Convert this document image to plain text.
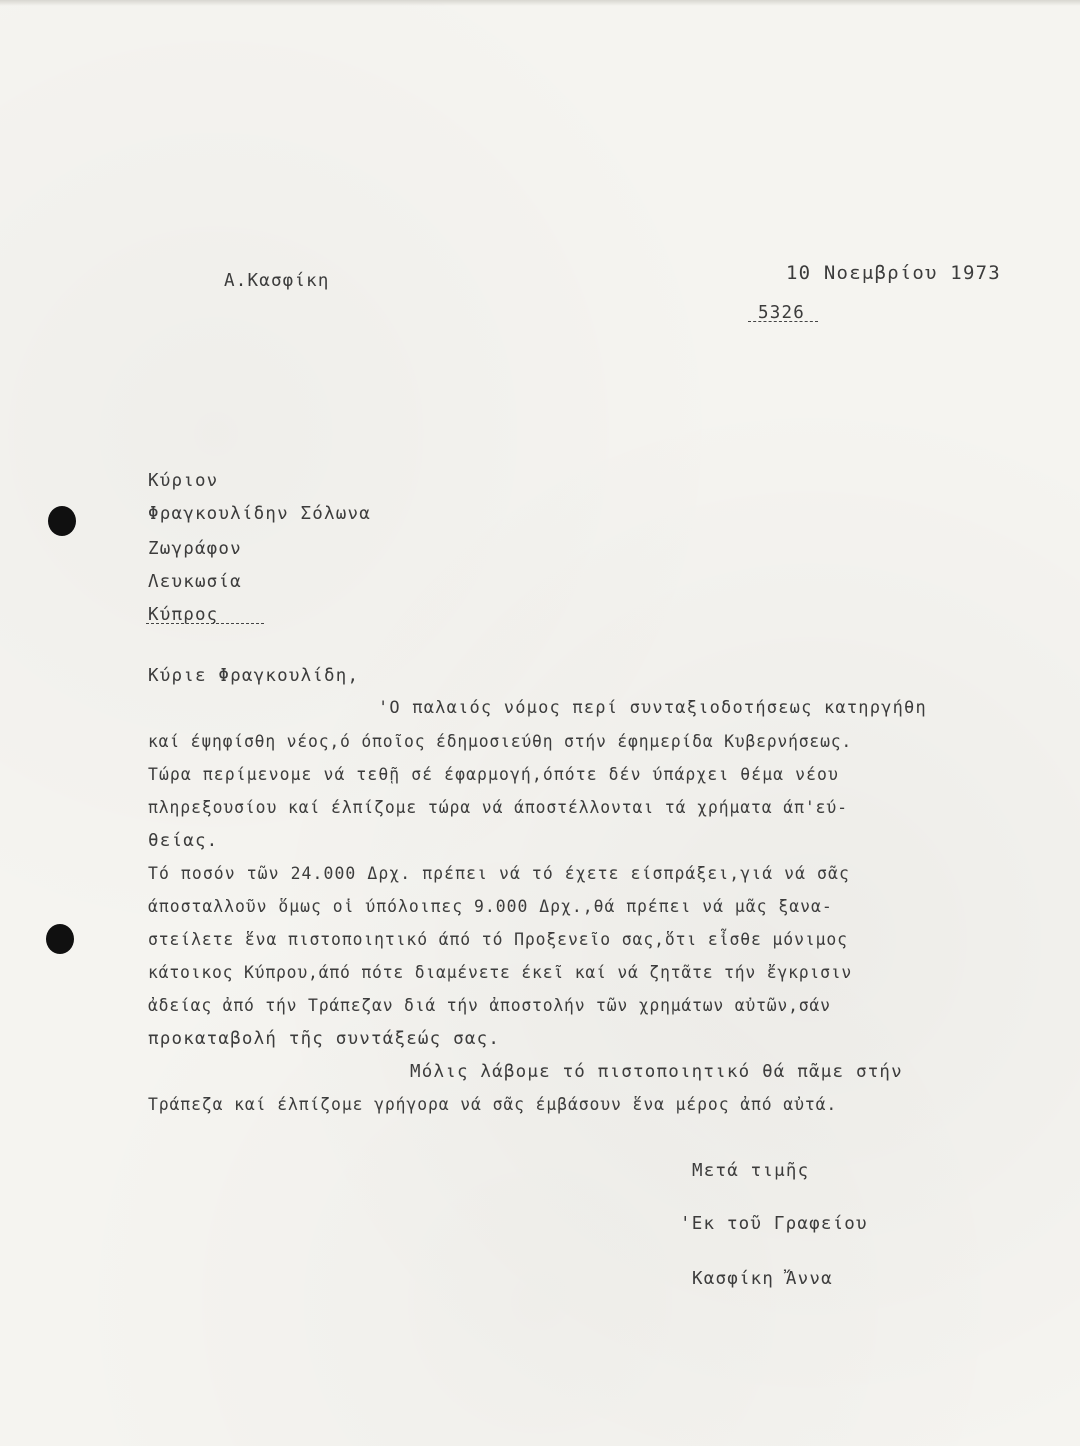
Α.Κασφίκη	10 Νοεμβρίου 1973
5326
Κύριον
Φραγκουλίδην Σόλωνα
Ζωγράφον
Λευκωσία
Κύπρος
Κύριε Φραγκουλίδη,
'Ο παλαιός νόμος περί συνταξιοδοτήσεως κατηργήθη
καί έψηφίσθη νέος,ό όποῖος έδημοσιεύθη στήν έφημερίδα Κυβερνήσεως.
Τώρα περίμενομε νά τεθῇ σέ έφαρμογή,όπότε δέν ύπάρχει θέμα νέου
πληρεξουσίου καί έλπίζομε τώρα νά άποστέλλονται τά χρήματα άπ'εύ-
θείας.
Τό ποσόν τῶν 24.000 Δρχ. πρέπει νά τό έχετε είσπράξει,γιά νά σᾶς
άποσταλλοῦν ὅμως οἱ ύπόλοιπες 9.000 Δρχ.,θά πρέπει νά μᾶς ξανα-
στείλετε ἕνα πιστοποιητικό άπό τό Προξενεῖο σας,ὅτι εἶσθε μόνιμος
κάτοικος Κύπρου,άπό πότε διαμένετε έκεῖ καί νά ζητᾶτε τήν ἔγκρισιν
ἀδείας ἀπό τήν Τράπεζαν διά τήν ἀποστολήν τῶν χρημάτων αὐτῶν,σάν
προκαταβολή τῆς συντάξεώς σας.
Μόλις λάβομε τό πιστοποιητικό θά πᾶμε στήν
Τράπεζα καί έλπίζομε γρήγορα νά σᾶς έμβάσουν ἕνα μέρος ἀπό αὐτά.
Μετά τιμῆς
'Εκ τοῦ Γραφείου
Κασφίκη Ἄννα
